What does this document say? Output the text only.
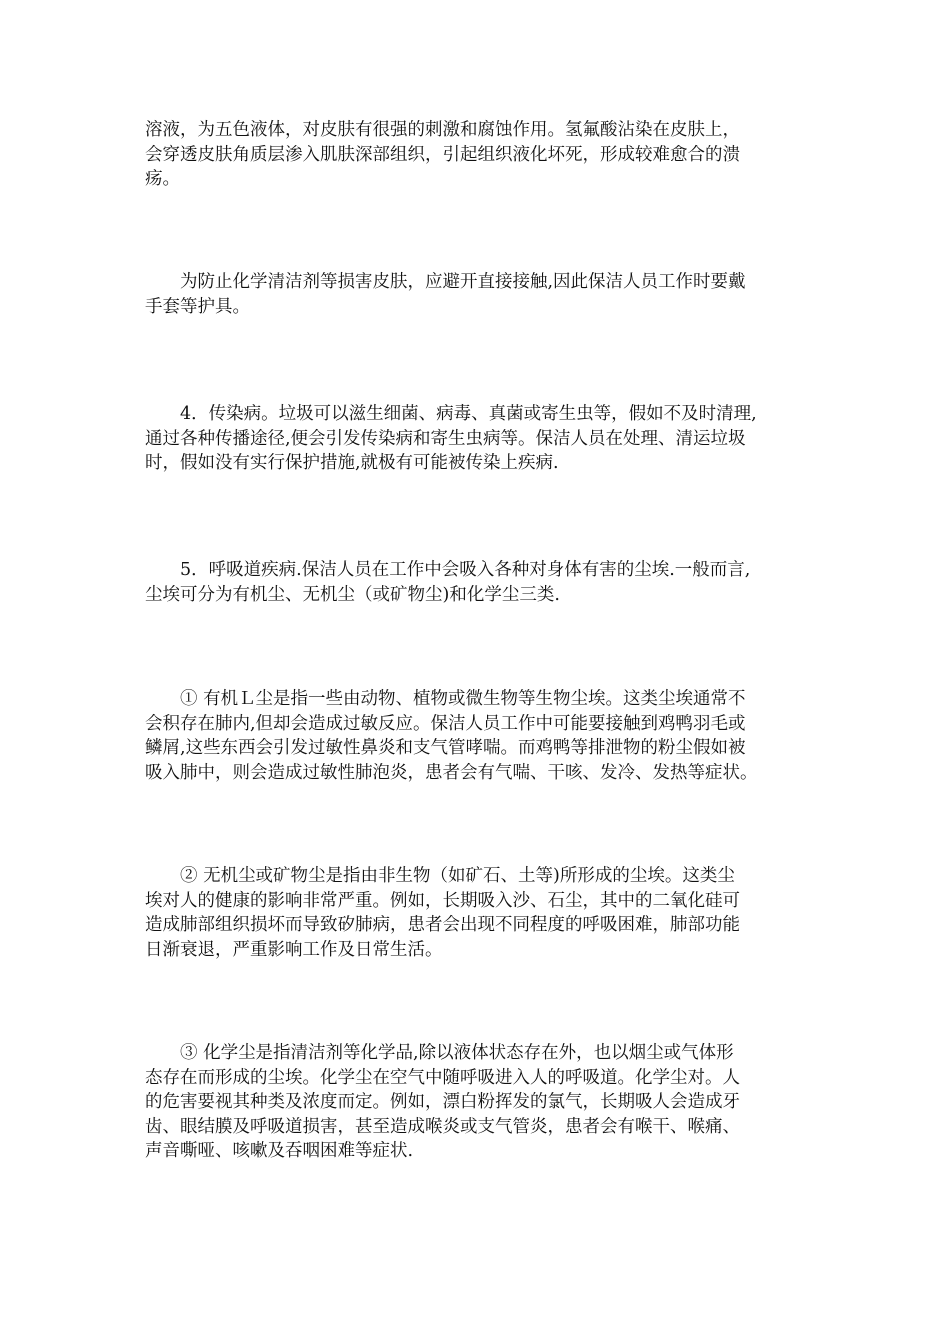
溶液，为五色液体，对皮肤有很强的刺激和腐蚀作用。氢氟酸沾染在皮肤上，
会穿透皮肤角质层渗入肌肤深部组织，引起组织液化坏死，形成较难愈合的溃
疡。
为防止化学清洁剂等损害皮肤，应避开直接接触,因此保洁人员工作时要戴
手套等护具。
4．传染病。垃圾可以滋生细菌、病毒、真菌或寄生虫等，假如不及时清理,
通过各种传播途径,便会引发传染病和寄生虫病等。保洁人员在处理、清运垃圾
时，假如没有实行保护措施,就极有可能被传染上疾病.
5．呼吸道疾病.保洁人员在工作中会吸入各种对身体有害的尘埃.一般而言,
尘埃可分为有机尘、无机尘（或矿物尘)和化学尘三类.
① 有机Ｌ尘是指一些由动物、植物或微生物等生物尘埃。这类尘埃通常不
会积存在肺内,但却会造成过敏反应。保洁人员工作中可能要接触到鸡鸭羽毛或
鳞屑,这些东西会引发过敏性鼻炎和支气管哮喘。而鸡鸭等排泄物的粉尘假如被
吸入肺中，则会造成过敏性肺泡炎，患者会有气喘、干咳、发冷、发热等症状。
② 无机尘或矿物尘是指由非生物（如矿石、土等)所形成的尘埃。这类尘
埃对人的健康的影响非常严重。例如，长期吸入沙、石尘，其中的二氧化硅可
造成肺部组织损坏而导致矽肺病，患者会出现不同程度的呼吸困难，肺部功能
日渐衰退，严重影响工作及日常生活。
③ 化学尘是指清洁剂等化学品,除以液体状态存在外，也以烟尘或气体形
态存在而形成的尘埃。化学尘在空气中随呼吸进入人的呼吸道。化学尘对。人
的危害要视其种类及浓度而定。例如，漂白粉挥发的氯气，长期吸人会造成牙
齿、眼结膜及呼吸道损害，甚至造成喉炎或支气管炎，患者会有喉干、喉痛、
声音嘶哑、咳嗽及吞咽困难等症状.
